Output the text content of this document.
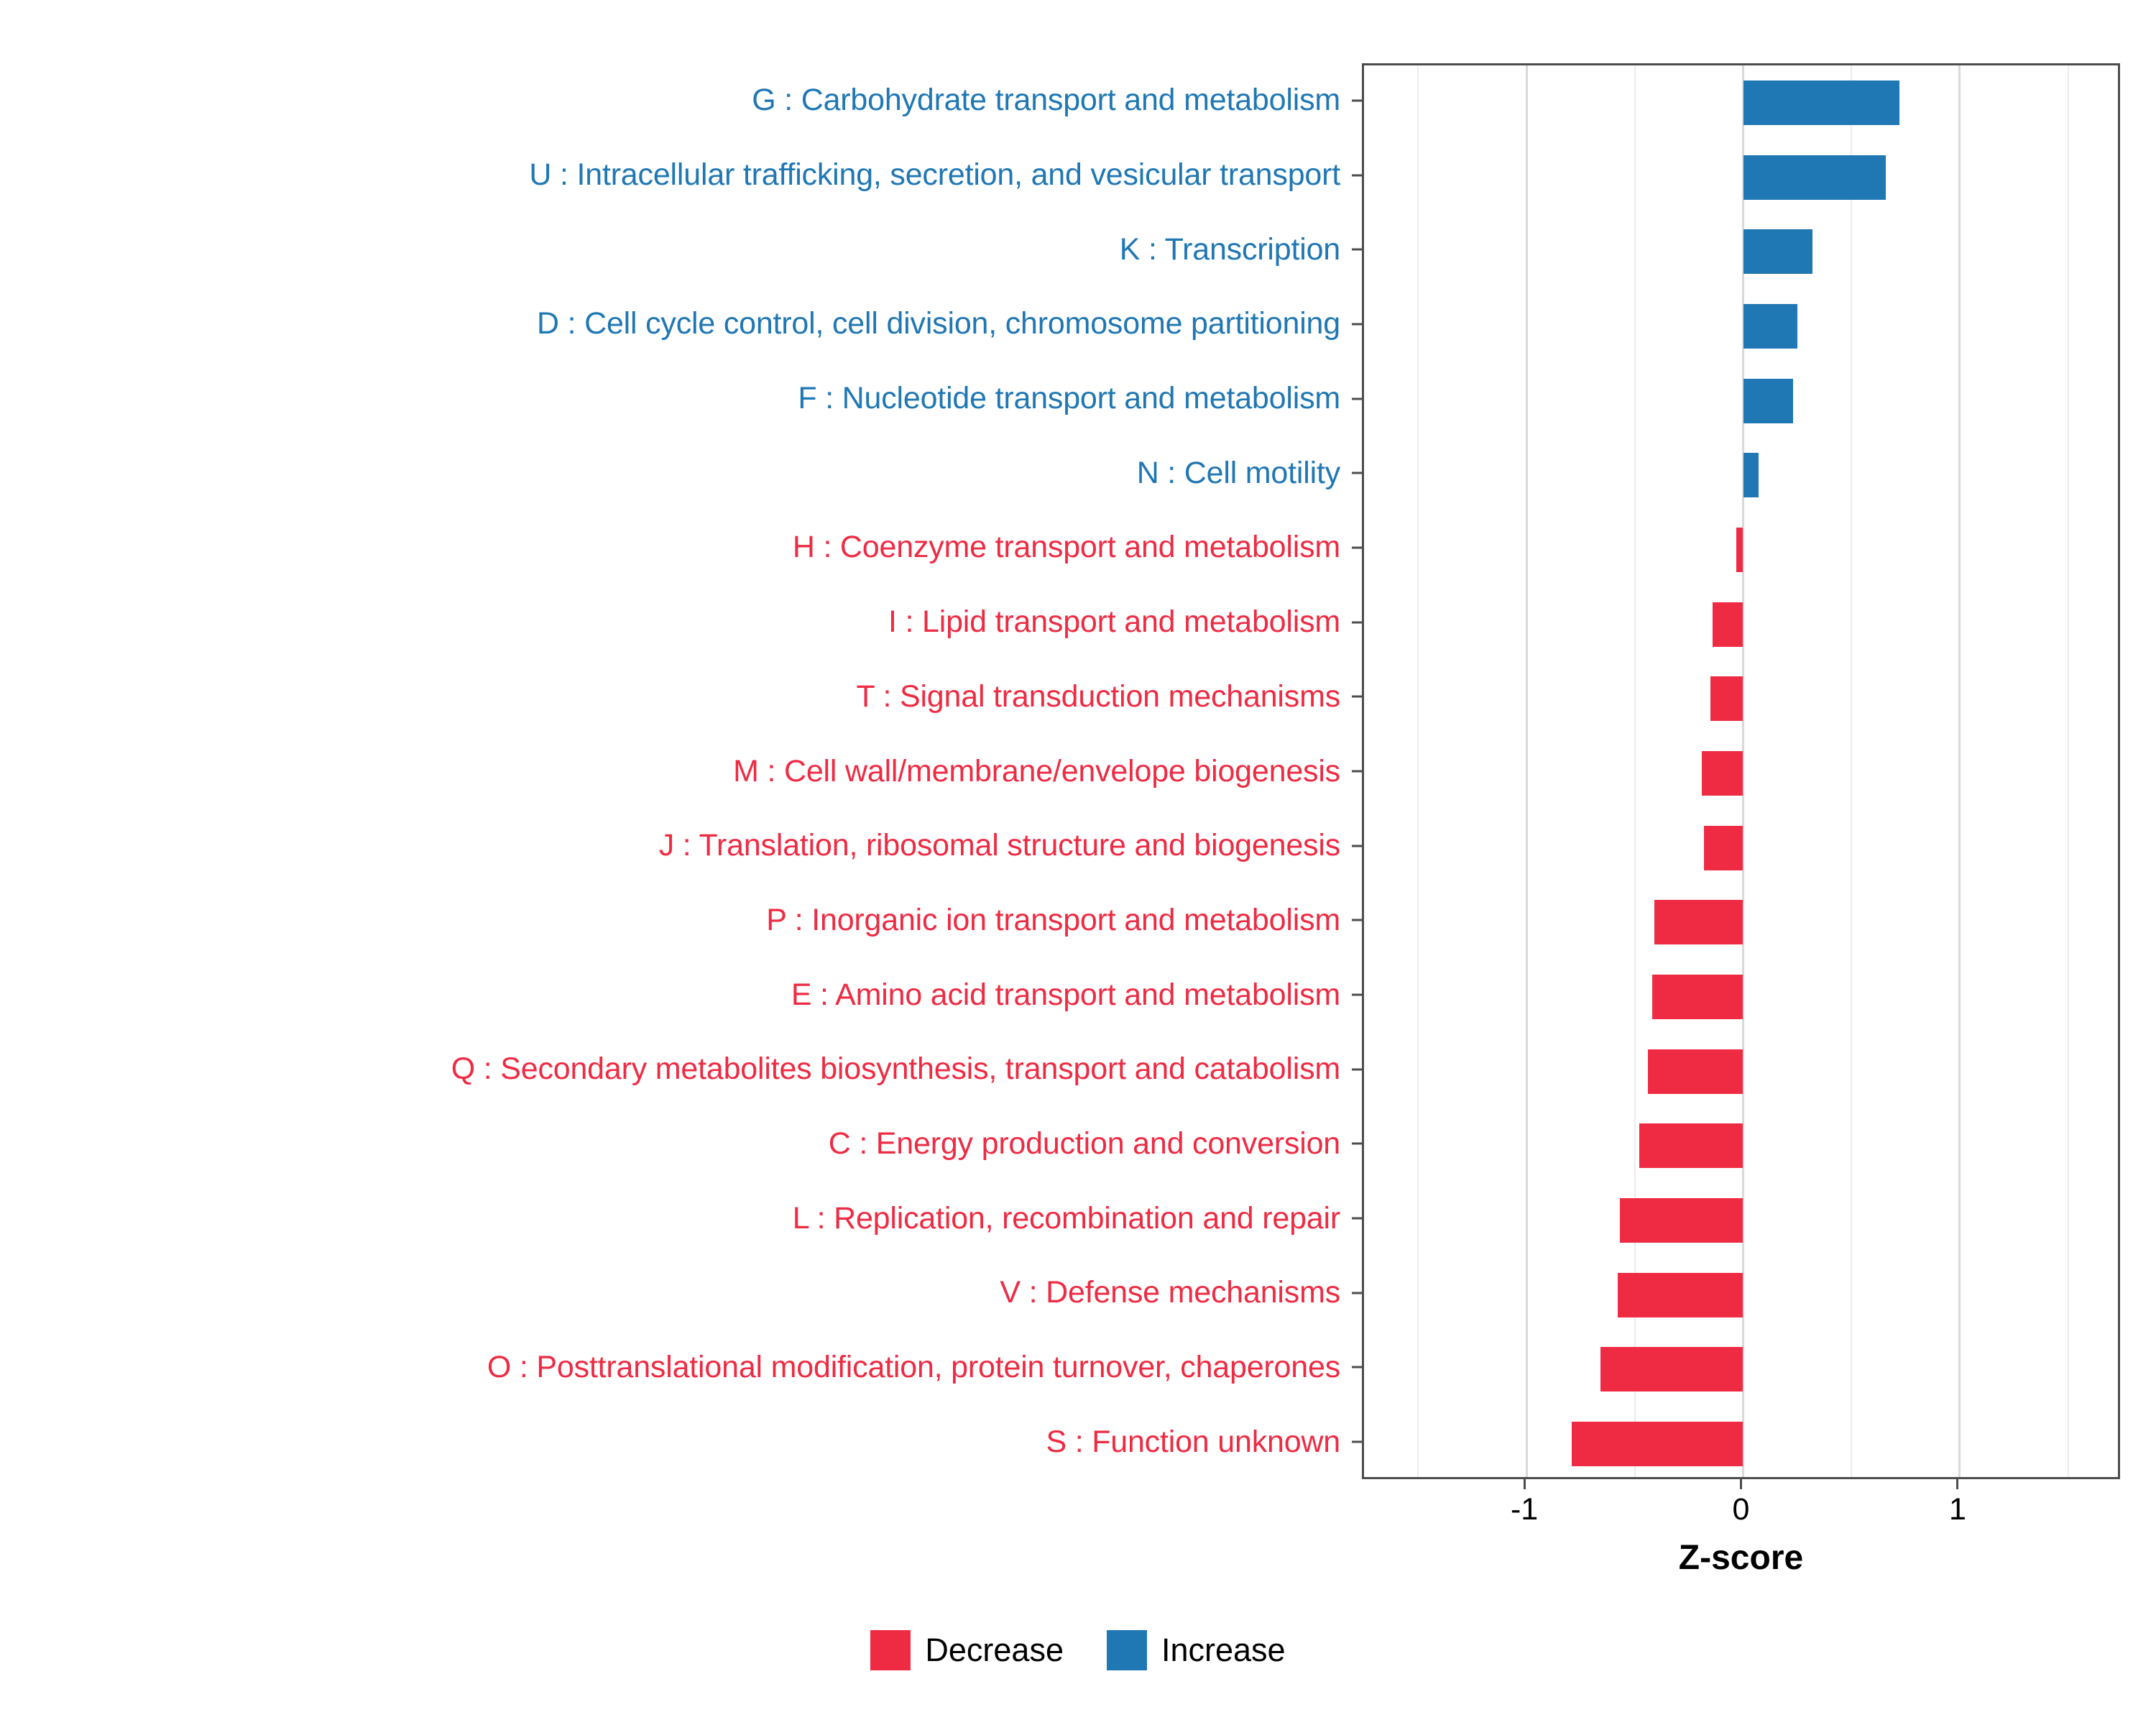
G : Carbohydrate transport and metabolism
U : Intracellular trafficking, secretion, and vesicular transport
K : Transcription
D : Cell cycle control, cell division, chromosome partitioning
F : Nucleotide transport and metabolism
N : Cell motility
H : Coenzyme transport and metabolism
I : Lipid transport and metabolism
T : Signal transduction mechanisms
M : Cell wall/membrane/envelope biogenesis
J : Translation, ribosomal structure and biogenesis
P : Inorganic ion transport and metabolism
E : Amino acid transport and metabolism
Q : Secondary metabolites biosynthesis, transport and catabolism
C : Energy production and conversion
L : Replication, recombination and repair
V : Defense mechanisms
O : Posttranslational modification, protein turnover, chaperones
S : Function unknown
-1	0	1
Z-score
Decrease	Increase
